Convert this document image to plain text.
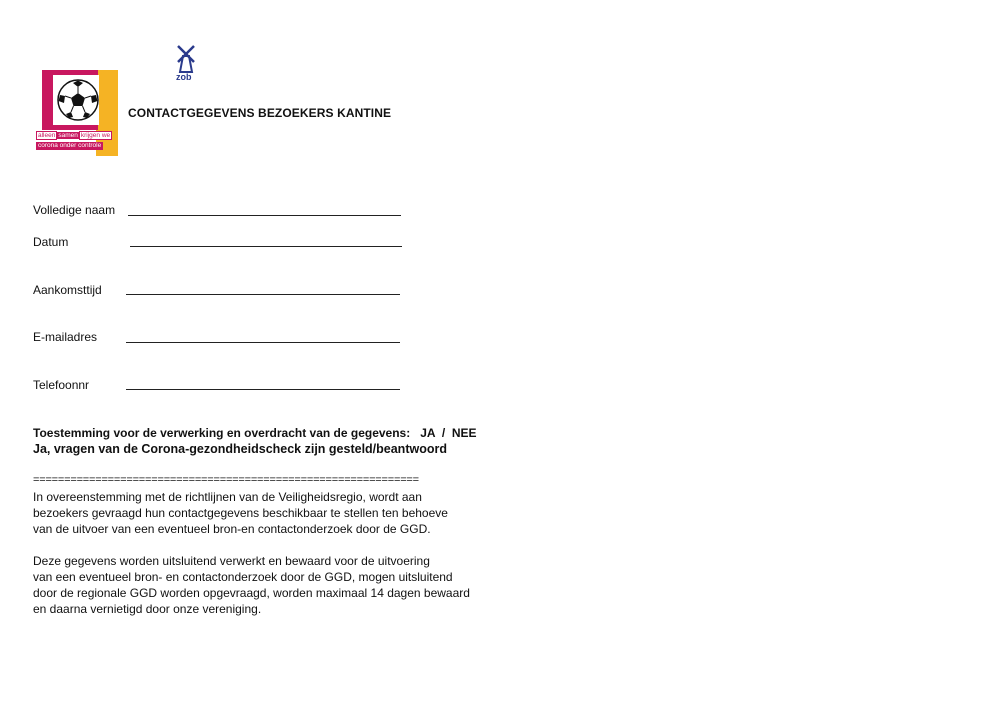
alleen samen krijgen we
corona onder controle
zob
CONTACTGEGEVENS BEZOEKERS KANTINE
Volledige naam
Datum
Aankomsttijd
E-mailadres
Telefoonnr
Toestemming voor de verwerking en overdracht van de gegevens: JA  /  NEE
Ja, vragen van de Corona-gezondheidscheck zijn gesteld/beantwoord
==============================================================
In overeenstemming met de richtlijnen van de Veiligheidsregio, wordt aan
bezoekers gevraagd hun contactgegevens beschikbaar te stellen ten behoeve
van de uitvoer van een eventueel bron-en contactonderzoek door de GGD.
Deze gegevens worden uitsluitend verwerkt en bewaard voor de uitvoering
van een eventueel bron- en contactonderzoek door de GGD, mogen uitsluitend
door de regionale GGD worden opgevraagd, worden maximaal 14 dagen bewaard
en daarna vernietigd door onze vereniging.
